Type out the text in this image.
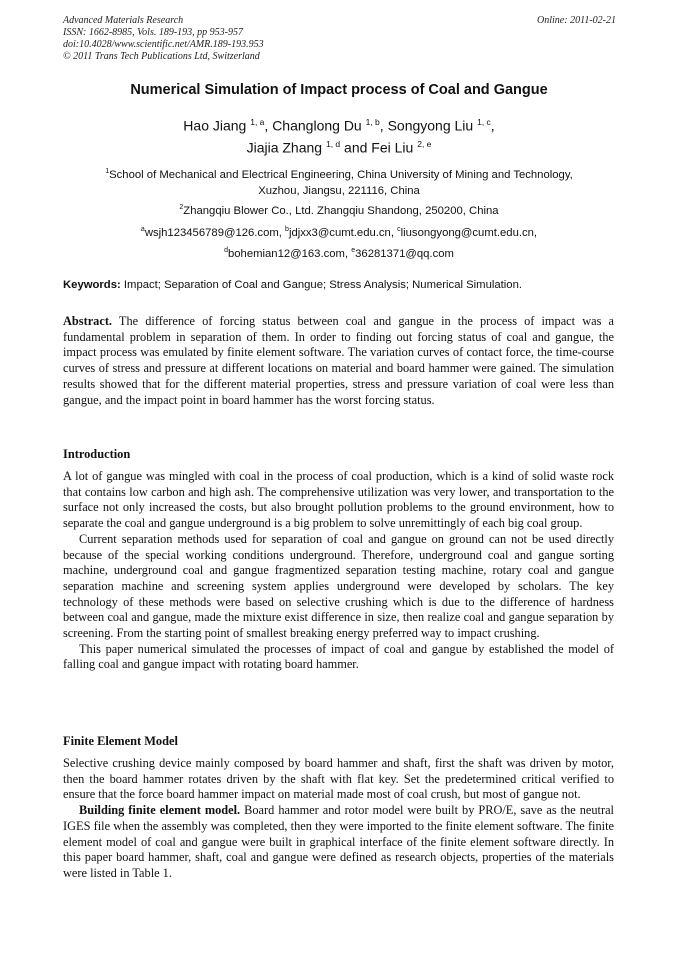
Advanced Materials Research
ISSN: 1662-8985, Vols. 189-193, pp 953-957
doi:10.4028/www.scientific.net/AMR.189-193.953
© 2011 Trans Tech Publications Ltd, Switzerland
Online: 2011-02-21
Numerical Simulation of Impact process of Coal and Gangue
Hao Jiang $^{1, a}$, Changlong Du $^{1, b}$, Songyong Liu $^{1, c}$,
Jiajia Zhang $^{1, d}$ and Fei Liu $^{2, e}$
$^1$School of Mechanical and Electrical Engineering, China University of Mining and Technology,
Xuzhou, Jiangsu, 221116, China
$^2$Zhangqiu Blower Co., Ltd. Zhangqiu Shandong, 250200, China
$^a$wsjh123456789@126.com, $^b$jdjxx3@cumt.edu.cn, $^c$liusongyong@cumt.edu.cn,
$^d$bohemian12@163.com, $^e$36281371@qq.com
Keywords: Impact; Separation of Coal and Gangue; Stress Analysis; Numerical Simulation.

Abstract. The difference of forcing status between coal and gangue in the process of impact was a fundamental problem in separation of them. In order to finding out forcing status of coal and gangue, the impact process was emulated by finite element software. The variation curves of contact force, the time-course curves of stress and pressure at different locations on material and board hammer were gained. The simulation results showed that for the different material properties, stress and pressure variation of coal were less than gangue, and the impact point in board hammer has the worst forcing status.

Introduction

A lot of gangue was mingled with coal in the process of coal production, which is a kind of solid waste rock that contains low carbon and high ash. The comprehensive utilization was very lower, and transportation to the surface not only increased the costs, but also brought pollution problems to the ground environment, how to separate the coal and gangue underground is a big problem to solve unremittingly of each big coal group.

Current separation methods used for separation of coal and gangue on ground can not be used directly because of the special working conditions underground. Therefore, underground coal and gangue sorting machine, underground coal and gangue fragmentized separation testing machine, rotary coal and gangue separation machine and screening system applies underground were developed by scholars. The key technology of these methods were based on selective crushing which is due to the difference of hardness between coal and gangue, made the mixture exist difference in size, then realize coal and gangue separation by screening. From the starting point of smallest breaking energy preferred way to impact crushing.

This paper numerical simulated the processes of impact of coal and gangue by established the model of falling coal and gangue impact with rotating board hammer.

Finite Element Model

Selective crushing device mainly composed by board hammer and shaft, first the shaft was driven by motor, then the board hammer rotates driven by the shaft with flat key. Set the predetermined critical verified to ensure that the force board hammer impact on material made most of coal crush, but most of gangue not.

Building finite element model. Board hammer and rotor model were built by PRO/E, save as the neutral IGES file when the assembly was completed, then they were imported to the finite element software. The finite element model of coal and gangue were built in graphical interface of the finite element software directly. In this paper board hammer, shaft, coal and gangue were defined as research objects, properties of the materials were listed in Table 1.
